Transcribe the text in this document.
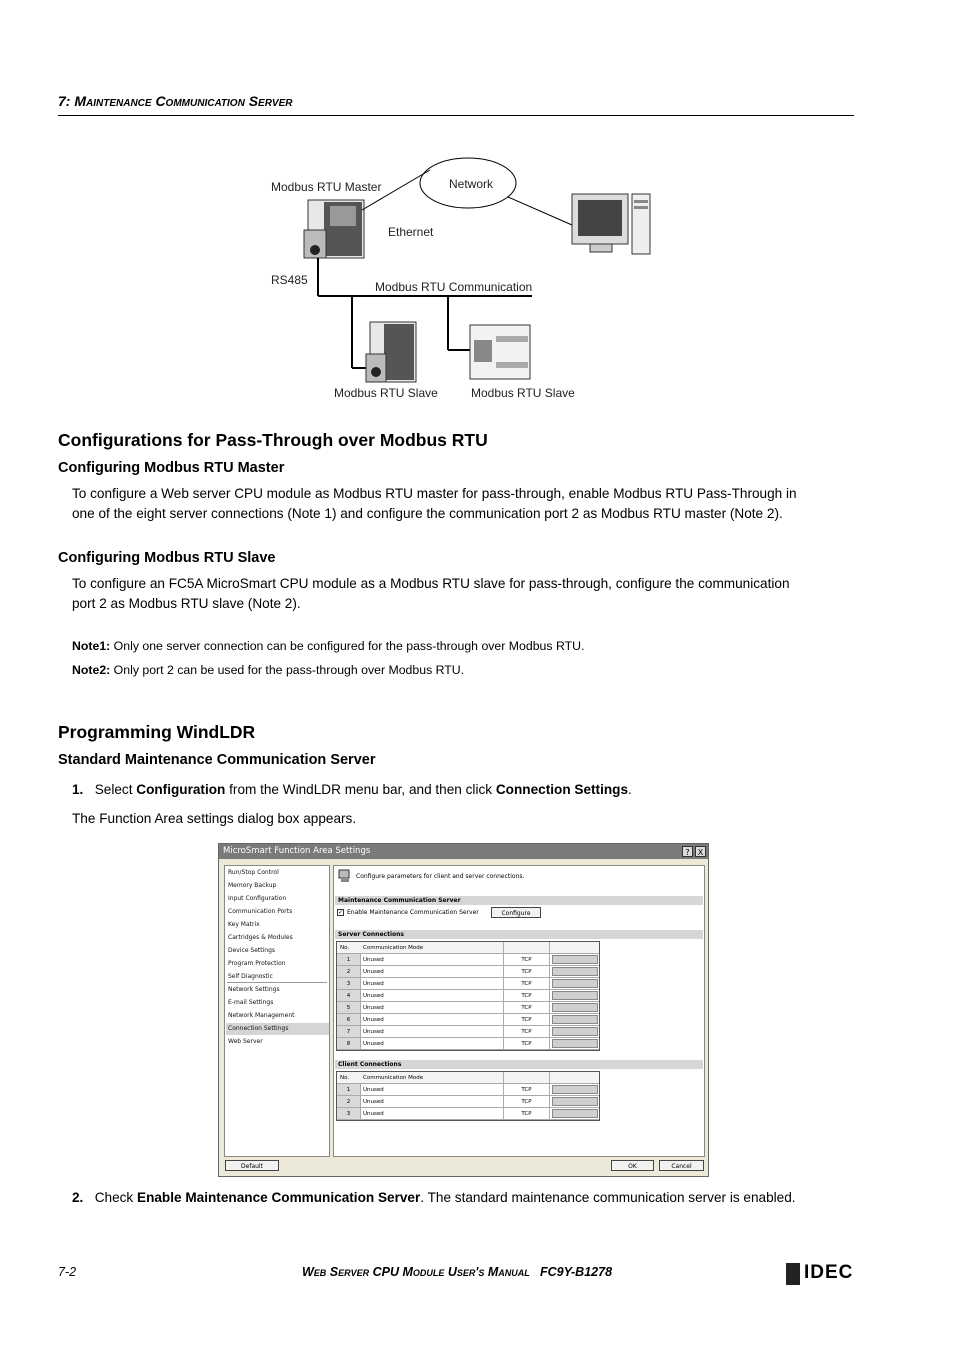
7: Maintenance Communication Server
Modbus RTU Master	Network
Ethernet
RS485	Modbus RTU Communication
Modbus RTU Slave	Modbus RTU Slave
Configurations for Pass-Through over Modbus RTU
Configuring Modbus RTU Master
To configure a Web server CPU module as Modbus RTU master for pass-through, enable Modbus RTU Pass-Through in
one of the eight server connections (Note 1) and configure the communication port 2 as Modbus RTU master (Note 2).
Configuring Modbus RTU Slave
To configure an FC5A MicroSmart CPU module as a Modbus RTU slave for pass-through, configure the communication
port 2 as Modbus RTU slave (Note 2).
Note1: Only one server connection can be configured for the pass-through over Modbus RTU.
Note2: Only port 2 can be used for the pass-through over Modbus RTU.
Programming WindLDR
Standard Maintenance Communication Server
1. Select Configuration from the WindLDR menu bar, and then click Connection Settings.
The Function Area settings dialog box appears.
MicroSmart Function Area Settings	?	X
Run/Stop Control
Memory Backup
Input Configuration
Communication Ports
Key Matrix
Cartridges & Modules
Device Settings
Program Protection
Self Diagnostic
Network Settings
E-mail Settings
Network Management
Connection Settings
Web Server
Configure parameters for client and server connections.
Maintenance Communication Server
✓ Enable Maintenance Communication Server	Configure
Server Connections
No.	Communication Mode
1	Unused	TCP
2	Unused	TCP
3	Unused	TCP
4	Unused	TCP
5	Unused	TCP
6	Unused	TCP
7	Unused	TCP
8	Unused	TCP
Client Connections
No.	Communication Mode
1	Unused	TCP
2	Unused	TCP
3	Unused	TCP
Default	OK	Cancel
2. Check Enable Maintenance Communication Server. The standard maintenance communication server is enabled.
7-2	Web Server CPU Module User's Manual FC9Y-B1278	IDEC
